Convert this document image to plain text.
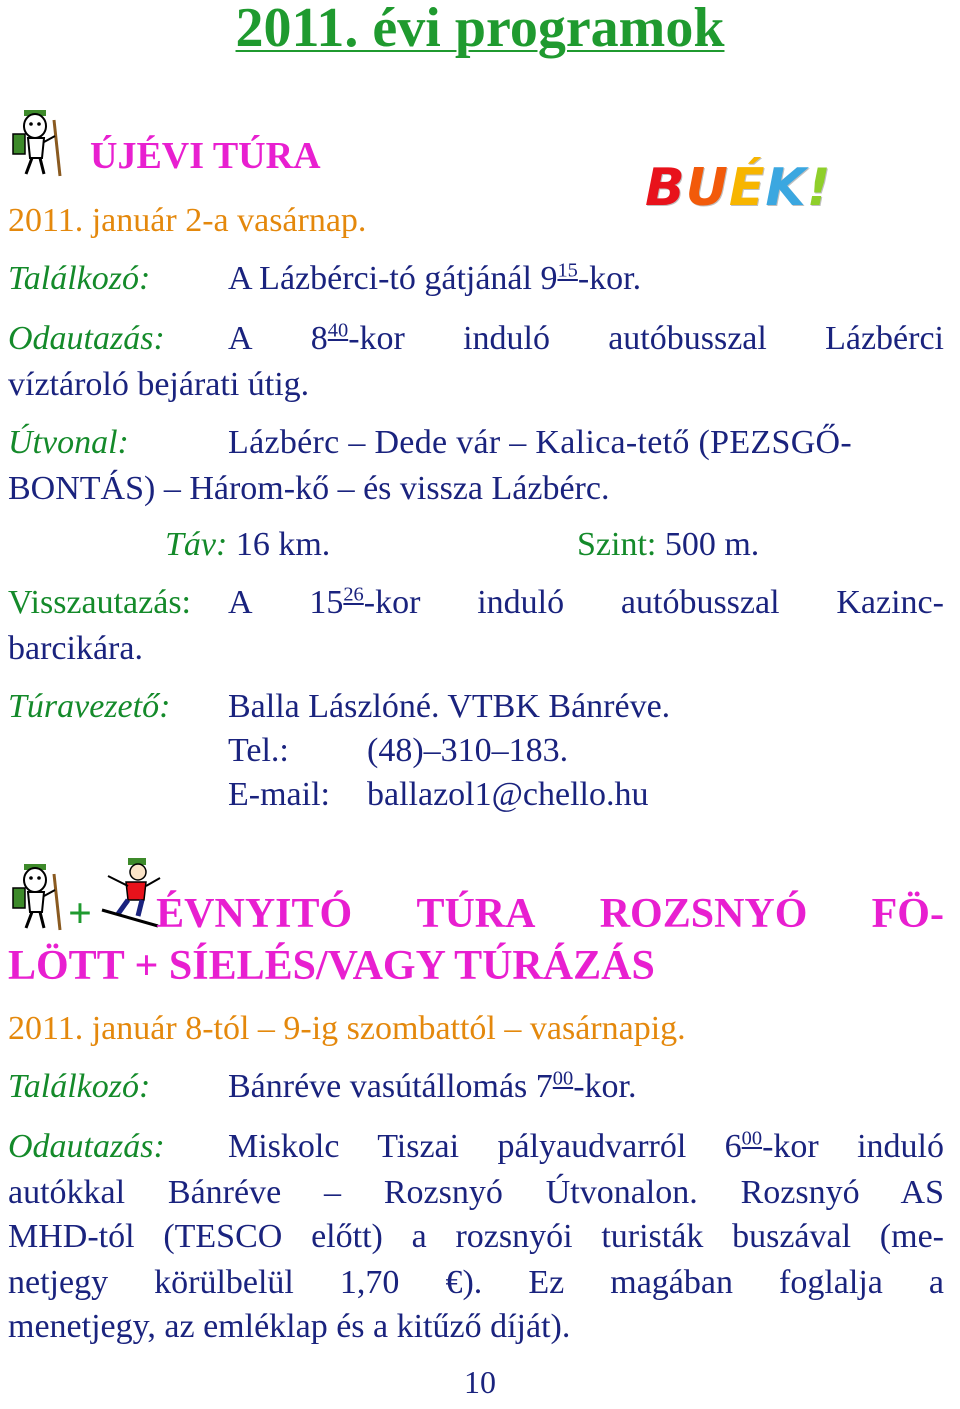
2011. évi programok
ÚJÉVI TÚRA
BUÉK!
2011. január 2-a vasárnap.
Találkozó: A Lázbérci-tó gátjánál $9^{15}$-kor.
Odautazás: A $8^{40}$-kor induló autóbusszal Lázbérci
víztároló bejárati útig.
Útvonal:	Lázbérc – Dede vár – Kalica-tető (PEZSGŐ-
BONTÁS) – Három-kő – és vissza Lázbérc.
Táv: 16 km.	Szint: 500 m.
Visszautazás: A $15^{26}$-kor induló autóbusszal Kazinc-
barcikára.
Túravezető: Balla Lászlóné. VTBK Bánréve.
Tel.: (48)–310–183.
E-mail: ballazol1@chello.hu
+ ÉVNYITÓ TÚRA ROZSNYÓ FÖ-
LÖTT + SÍELÉS/VAGY TÚRÁZÁS
2011. január 8-tól – 9-ig szombattól – vasárnapig.
Találkozó: Bánréve vasútállomás $7^{00}$-kor.
Odautazás: Miskolc Tiszai pályaudvarról $6^{00}$-kor induló
autókkal Bánréve – Rozsnyó Útvonalon. Rozsnyó AS
MHD-tól (TESCO előtt) a rozsnyói turisták buszával (me-
netjegy körülbelül 1,70 €). Ez magában foglalja a
menetjegy, az emléklap és a kitűző díját).
10
